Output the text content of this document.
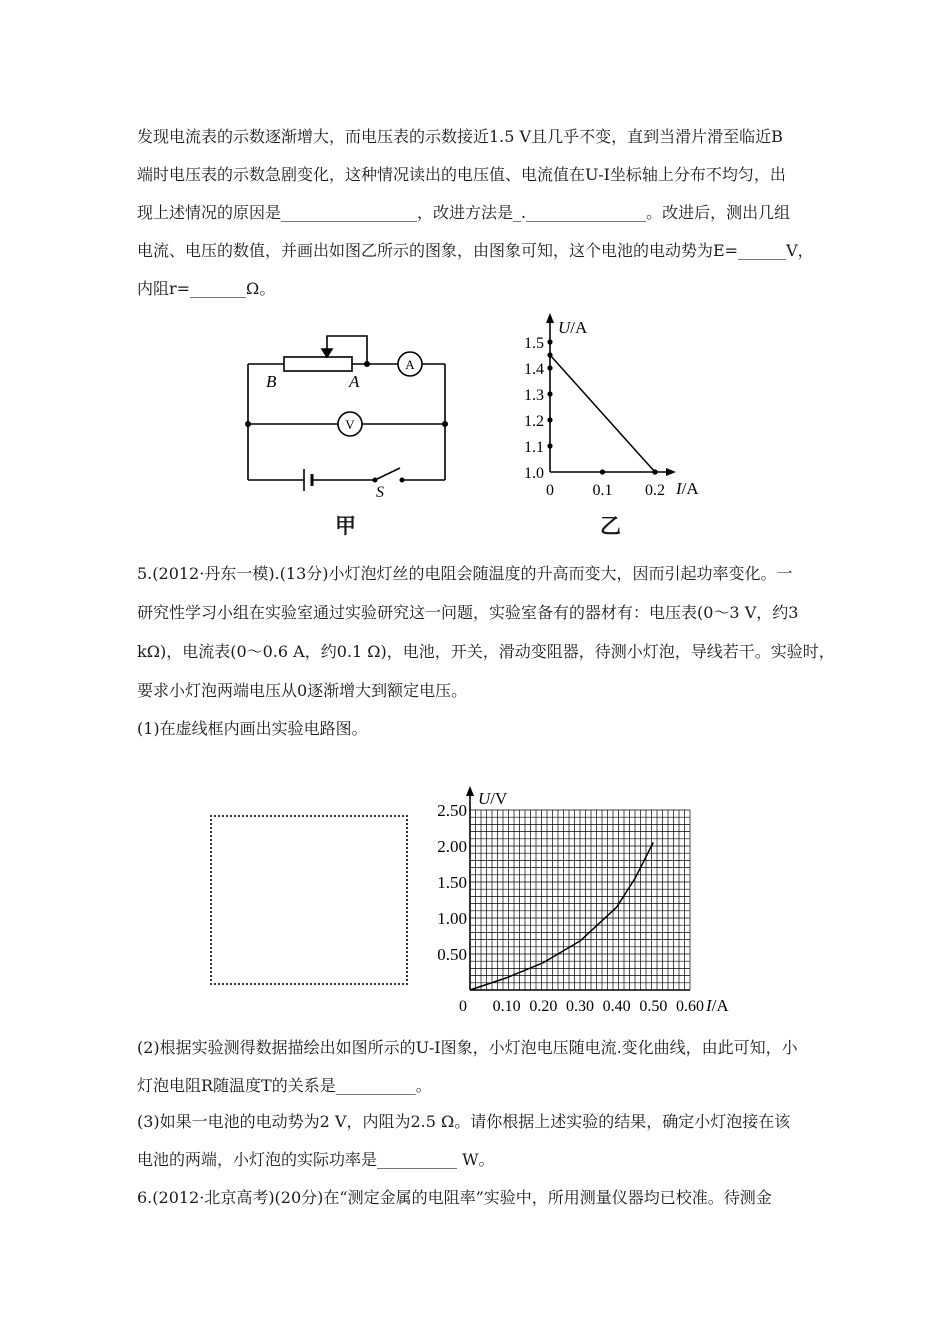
发现电流表的示数逐渐增大，而电压表的示数接近1.5 V且几乎不变，直到当滑片滑至临近B
端时电压表的示数急剧变化，这种情况读出的电压值、电流值在U-I坐标轴上分布不均匀，出
现上述情况的原因是_________________，改进方法是_._______________。改进后，测出几组
电流、电压的数值，并画出如图乙所示的图象，由图象可知，这个电池的电动势为E=______V，
内阻r=_______Ω。
B	A
A
V
S
甲
1.0
1.1
1.2
1.3
1.4
1.5
0 0.1 0.2
U/A
I/A
乙
5.(2012·丹东一模).(13分)小灯泡灯丝的电阻会随温度的升高而变大，因而引起功率变化。一
研究性学习小组在实验室通过实验研究这一问题，实验室备有的器材有：电压表(0～3 V，约3
kΩ)，电流表(0～0.6 A，约0.1 Ω)，电池，开关，滑动变阻器，待测小灯泡，导线若干。实验时，
要求小灯泡两端电压从0逐渐增大到额定电压。
(1)在虚线框内画出实验电路图。
0.50
1.00
1.50
2.00
2.50
0 0.10 0.20 0.30 0.40 0.50 0.60
U/V
I/A
(2)根据实验测得数据描绘出如图所示的U-I图象，小灯泡电压随电流.变化曲线，由此可知，小
灯泡电阻R随温度T的关系是__________。
(3)如果一电池的电动势为2 V，内阻为2.5 Ω。请你根据上述实验的结果，确定小灯泡接在该
电池的两端，小灯泡的实际功率是__________ W。
6.(2012·北京高考)(20分)在“测定金属的电阻率”实验中，所用测量仪器均已校准。待测金
